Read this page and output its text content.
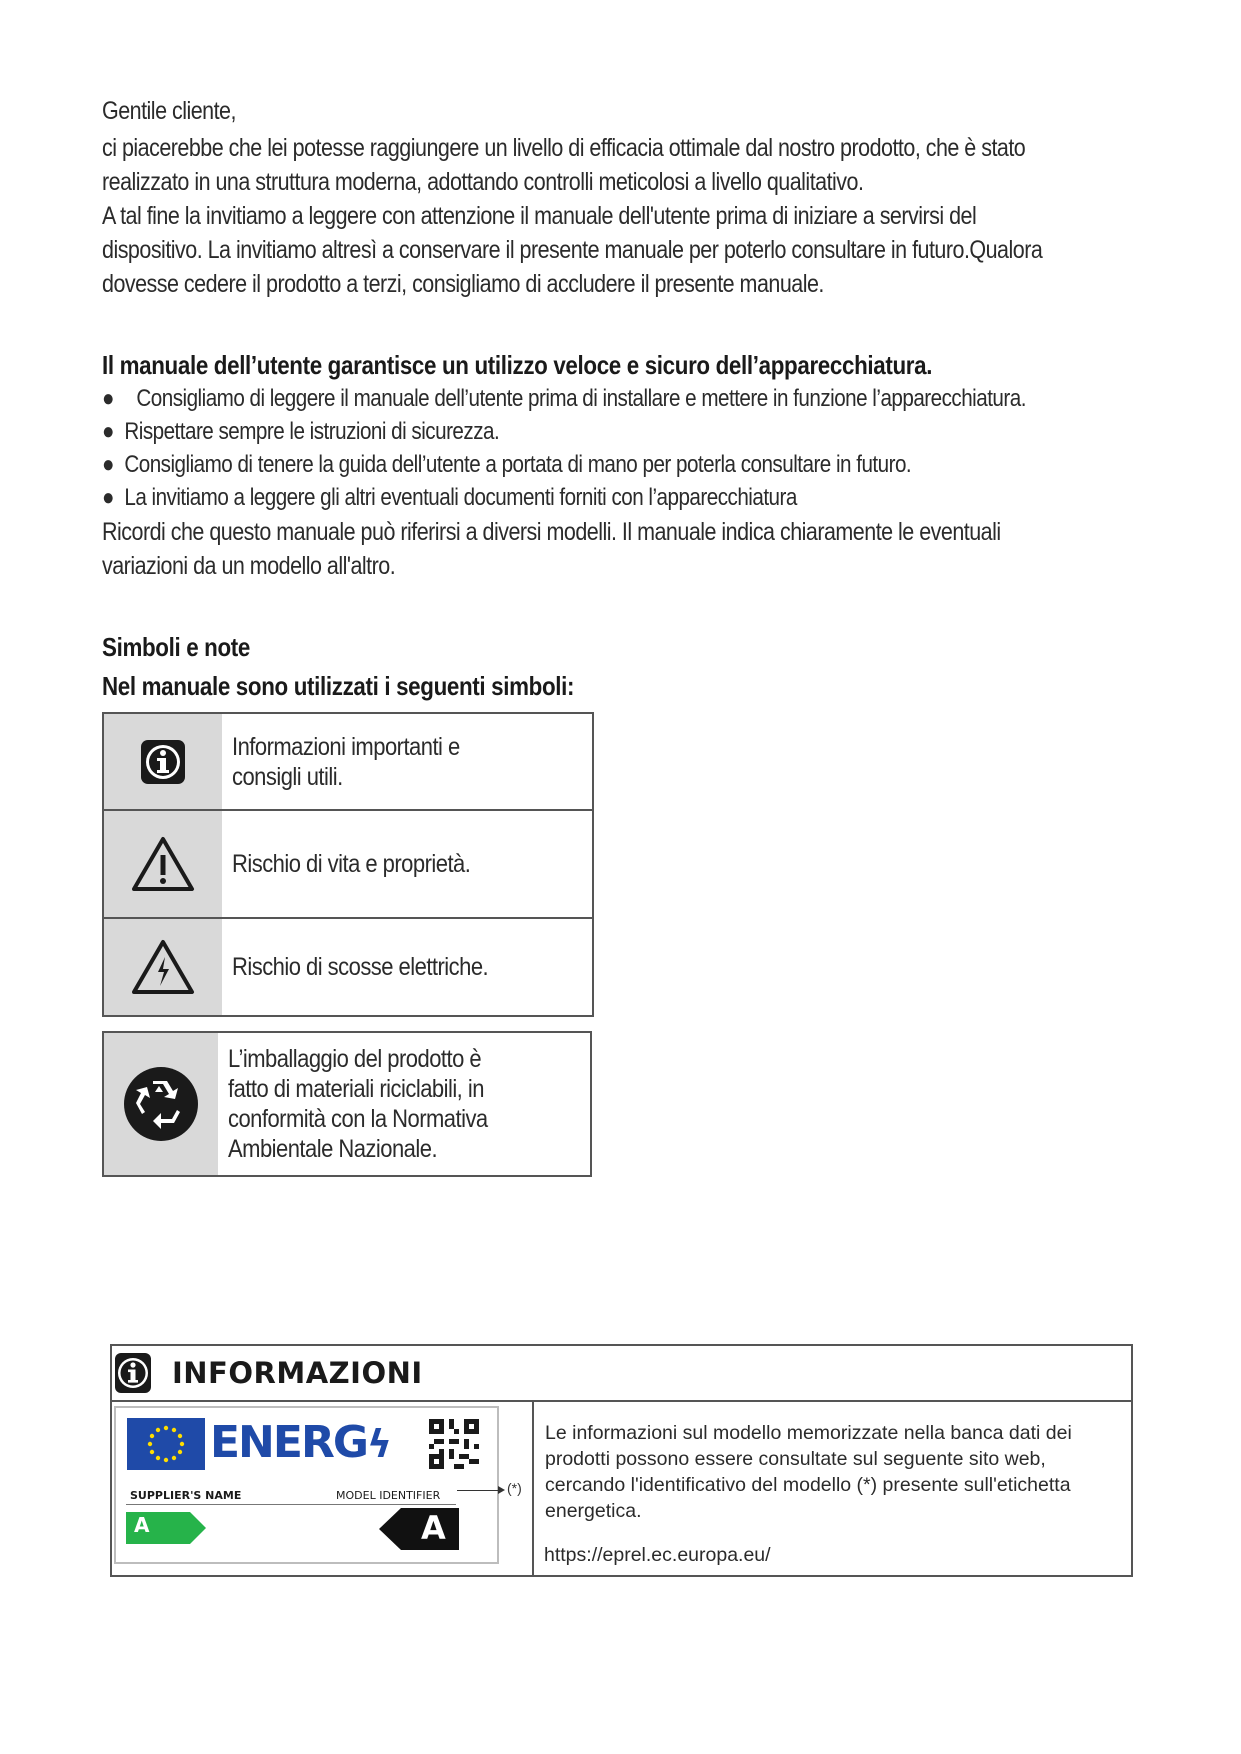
Gentile cliente,

ci piacerebbe che lei potesse raggiungere un livello di efficacia ottimale dal nostro prodotto, che è stato

realizzato in una struttura moderna, adottando controlli meticolosi a livello qualitativo.

A tal fine la invitiamo a leggere con attenzione il manuale dell'utente prima di iniziare a servirsi del

dispositivo. La invitiamo altresì a conservare il presente manuale per poterlo consultare in futuro.Qualora

dovesse cedere il prodotto a terzi, consigliamo di accludere il presente manuale.

Il manuale dell’utente garantisce un utilizzo veloce e sicuro dell’apparecchiatura.

● Consigliamo di leggere il manuale dell’utente prima di installare e mettere in funzione l’apparecchiatura.
● Rispettare sempre le istruzioni di sicurezza.
● Consigliamo di tenere la guida dell’utente a portata di mano per poterla consultare in futuro.
● La invitiamo a leggere gli altri eventuali documenti forniti con l’apparecchiatura

Ricordi che questo manuale può riferirsi a diversi modelli. Il manuale indica chiaramente le eventuali

variazioni da un modello all'altro.

Simboli e note

Nel manuale sono utilizzati i seguenti simboli:

Informazioni importanti e consigli utili.
Rischio di vita e proprietà.
Rischio di scosse elettriche.
L’imballaggio del prodotto è fatto di materiali riciclabili, in conformità con la Normativa Ambientale Nazionale.
INFORMAZIONI
ENERGϟ
SUPPLIER'S NAME	MODEL IDENTIFIER
A	A
(*)
Le informazioni sul modello memorizzate nella banca dati dei prodotti possono essere consultate sul seguente sito web, cercando l'identificativo del modello (*) presente sull'etichetta energetica.
https://eprel.ec.europa.eu/
